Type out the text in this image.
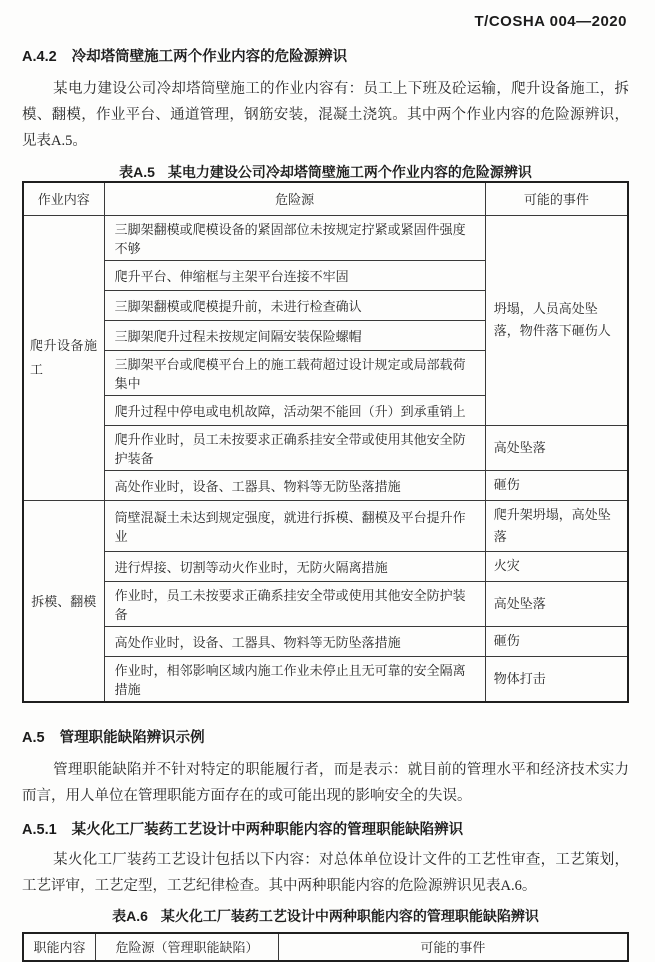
T/COSHA 004—2020
A.4.2 冷却塔筒壁施工两个作业内容的危险源辨识
某电力建设公司冷却塔筒壁施工的作业内容有：员工上下班及砼运输，爬升设备施工，拆模、翻模，作业平台、通道管理，钢筋安装，混凝土浇筑。其中两个作业内容的危险源辨识，见表A.5。
表A.5 某电力建设公司冷却塔筒壁施工两个作业内容的危险源辨识
作业内容	危险源	可能的事件
爬升设备施工	三脚架翻模或爬模设备的紧固部位未按规定拧紧或紧固件强度不够	坍塌，人员高处坠落，物件落下砸伤人
	爬升平台、伸缩框与主架平台连接不牢固	
	三脚架翻模或爬模提升前，未进行检查确认	
	三脚架爬升过程未按规定间隔安装保险螺帽	
	三脚架平台或爬模平台上的施工载荷超过设计规定或局部载荷集中	
	爬升过程中停电或电机故障，活动架不能回（升）到承重销上	
	爬升作业时，员工未按要求正确系挂安全带或使用其他安全防护装备	高处坠落
	高处作业时，设备、工器具、物料等无防坠落措施	砸伤
拆模、翻模	筒壁混凝土未达到规定强度，就进行拆模、翻模及平台提升作业	爬升架坍塌，高处坠落
	进行焊接、切割等动火作业时，无防火隔离措施	火灾
	作业时，员工未按要求正确系挂安全带或使用其他安全防护装备	高处坠落
	高处作业时，设备、工器具、物料等无防坠落措施	砸伤
	作业时，相邻影响区域内施工作业未停止且无可靠的安全隔离措施	物体打击
A.5 管理职能缺陷辨识示例
管理职能缺陷并不针对特定的职能履行者，而是表示：就目前的管理水平和经济技术实力而言，用人单位在管理职能方面存在的或可能出现的影响安全的失误。
A.5.1 某火化工厂装药工艺设计中两种职能内容的管理职能缺陷辨识
某火化工厂装药工艺设计包括以下内容：对总体单位设计文件的工艺性审查，工艺策划，工艺评审，工艺定型，工艺纪律检查。其中两种职能内容的危险源辨识见表A.6。
表A.6 某火化工厂装药工艺设计中两种职能内容的管理职能缺陷辨识
职能内容	危险源（管理职能缺陷）	可能的事件
